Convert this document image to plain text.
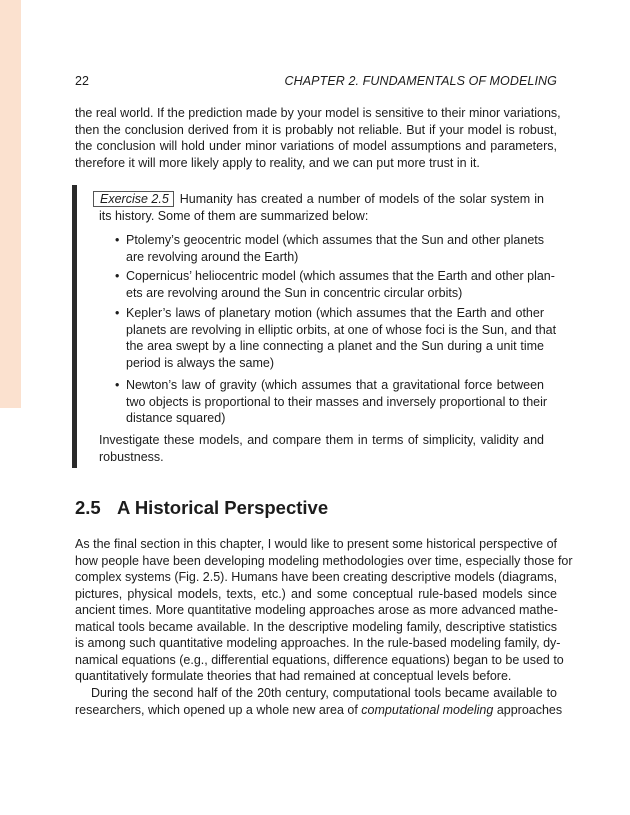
22	CHAPTER 2. FUNDAMENTALS OF MODELING
the real world. If the prediction made by your model is sensitive to their minor variations,
then the conclusion derived from it is probably not reliable. But if your model is robust,
the conclusion will hold under minor variations of model assumptions and parameters,
therefore it will more likely apply to reality, and we can put more trust in it.
Exercise 2.5 Humanity has created a number of models of the solar system in
its history. Some of them are summarized below:
• Ptolemy’s geocentric model (which assumes that the Sun and other planets
are revolving around the Earth)
• Copernicus’ heliocentric model (which assumes that the Earth and other plan-
ets are revolving around the Sun in concentric circular orbits)
• Kepler’s laws of planetary motion (which assumes that the Earth and other
planets are revolving in elliptic orbits, at one of whose foci is the Sun, and that
the area swept by a line connecting a planet and the Sun during a unit time
period is always the same)
• Newton’s law of gravity (which assumes that a gravitational force between
two objects is proportional to their masses and inversely proportional to their
distance squared)
Investigate these models, and compare them in terms of simplicity, validity and
robustness.
2.5 A Historical Perspective
As the final section in this chapter, I would like to present some historical perspective of
how people have been developing modeling methodologies over time, especially those for
complex systems (Fig. 2.5). Humans have been creating descriptive models (diagrams,
pictures, physical models, texts, etc.) and some conceptual rule-based models since
ancient times. More quantitative modeling approaches arose as more advanced mathe-
matical tools became available. In the descriptive modeling family, descriptive statistics
is among such quantitative modeling approaches. In the rule-based modeling family, dy-
namical equations (e.g., differential equations, difference equations) began to be used to
quantitatively formulate theories that had remained at conceptual levels before.
During the second half of the 20th century, computational tools became available to
researchers, which opened up a whole new area of computational modeling approaches
